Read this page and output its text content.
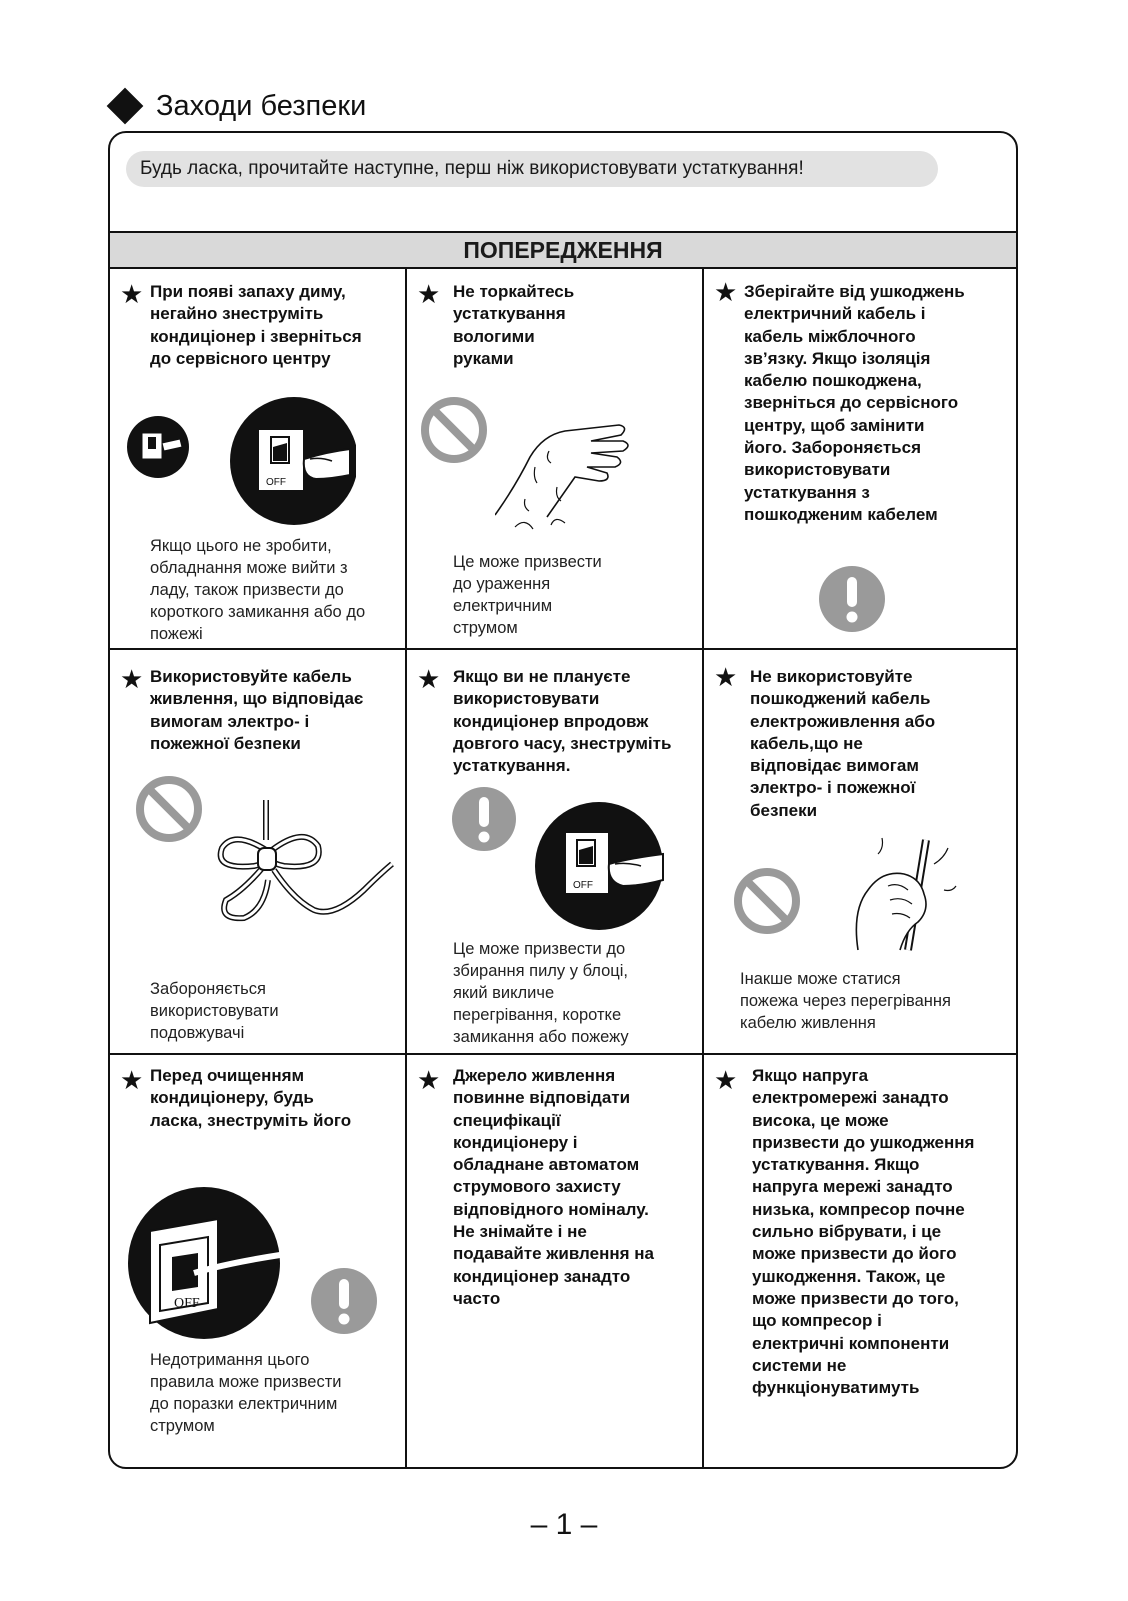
Заходи безпеки
Будь ласка, прочитайте наступне, перш ніж використовувати устаткування!
ПОПЕРЕДЖЕННЯ
★ При появі запаху диму,
негайно знеструміть
кондиціонер і зверніться
до сервісного центру
OFF
Якщо цього не зробити,
обладнання може вийти з
ладу, також призвести до
короткого замикання або до
пожежі
★ Не торкайтесь
устаткування
вологими
руками
Це може призвести
до ураження
електричним
струмом
★ Зберігайте від ушкоджень
електричний кабель і
кабель міжблочного
зв’язку. Якщо ізоляція
кабелю пошкоджена,
зверніться до сервісного
центру, щоб замінити
його. Забороняється
використовувати
устаткування з
пошкодженим кабелем
★ Використовуйте кабель
живлення, що відповідає
вимогам электро- і
пожежної безпеки
Забороняється
використовувати
подовжувачі
★ Якщо ви не плануєте
використовувати
кондиціонер впродовж
довгого часу, знеструміть
устаткування.
OFF
Це може призвести до
збирання пилу у блоці,
який викличе
перегрівання, коротке
замикання або пожежу
★ Не використовуйте
пошкоджений кабель
електроживлення або
кабель,що не
відповідає вимогам
электро- і пожежної
безпеки
Інакше може статися
пожежа через перегрівання
кабелю живлення
★ Перед очищенням
кондиціонеру, будь
ласка, знеструміть його
OFF
Недотримання цього
правила може призвести
до поразки електричним
струмом
★ Джерело живлення
повинне відповідати
специфікації
кондиціонеру і
обладнане автоматом
струмового захисту
відповідного номіналу.
Не знімайте і не
подавайте живлення на
кондиціонер занадто
часто
★ Якщо напруга
електромережі занадто
висока, це може
призвести до ушкодження
устаткування. Якщо
напруга мережі занадто
низька, компресор почне
сильно вібрувати, і це
може призвести до його
ушкодження. Також, це
може призвести до того,
що компресор і
електричні компоненти
системи не
функціонуватимуть
– 1 –
